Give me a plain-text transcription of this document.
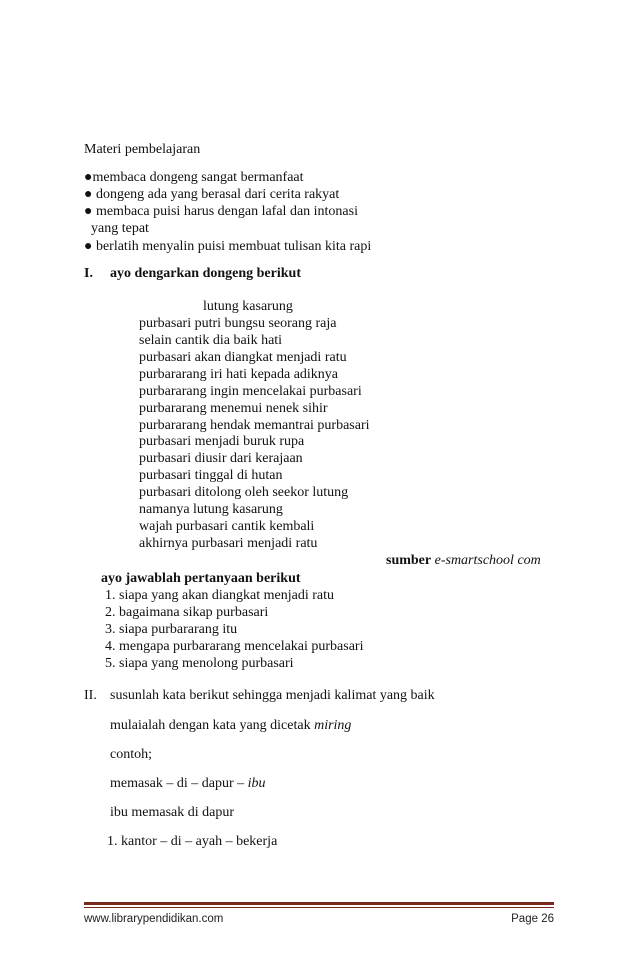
Materi pembelajaran
●membaca dongeng sangat bermanfaat
● dongeng ada yang berasal dari cerita rakyat
● membaca puisi harus dengan lafal dan intonasi
yang tepat
● berlatih menyalin puisi membuat tulisan kita rapi
I. ayo dengarkan dongeng berikut
lutung kasarung
purbasari putri bungsu seorang raja
selain cantik dia baik hati
purbasari akan diangkat menjadi ratu
purbararang iri hati kepada adiknya
purbararang ingin mencelakai purbasari
purbararang menemui nenek sihir
purbararang hendak memantrai purbasari
purbasari menjadi buruk rupa
purbasari diusir dari kerajaan
purbasari tinggal di hutan
purbasari ditolong oleh seekor lutung
namanya lutung kasarung
wajah purbasari cantik kembali
akhirnya purbasari menjadi ratu
sumber e-smartschool com
ayo jawablah pertanyaan berikut
1. siapa yang akan diangkat menjadi ratu
2. bagaimana sikap purbasari
3. siapa purbararang itu
4. mengapa purbararang mencelakai purbasari
5. siapa yang menolong purbasari
II. susunlah kata berikut sehingga menjadi kalimat yang baik
mulaialah dengan kata yang dicetak miring
contoh;
memasak – di – dapur – ibu
ibu memasak di dapur
1. kantor – di – ayah – bekerja
www.librarypendidikan.com	Page 26
